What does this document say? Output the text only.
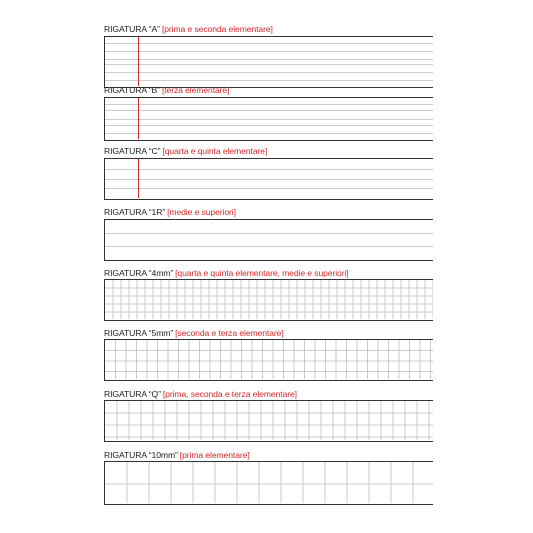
RIGATURA “A” [prima e seconda elementare]
RIGATURA “B” [terza elementare]
RIGATURA “C” [quarta e quinta elementare]
RIGATURA “1R” [medie e superiori]
RIGATURA “4mm” [quarta e quinta elementare, medie e superiori]
RIGATURA “5mm” [seconda e terza elementare]
RIGATURA “Q” [prima, seconda e terza elementare]
RIGATURA “10mm” [prima elementare]
